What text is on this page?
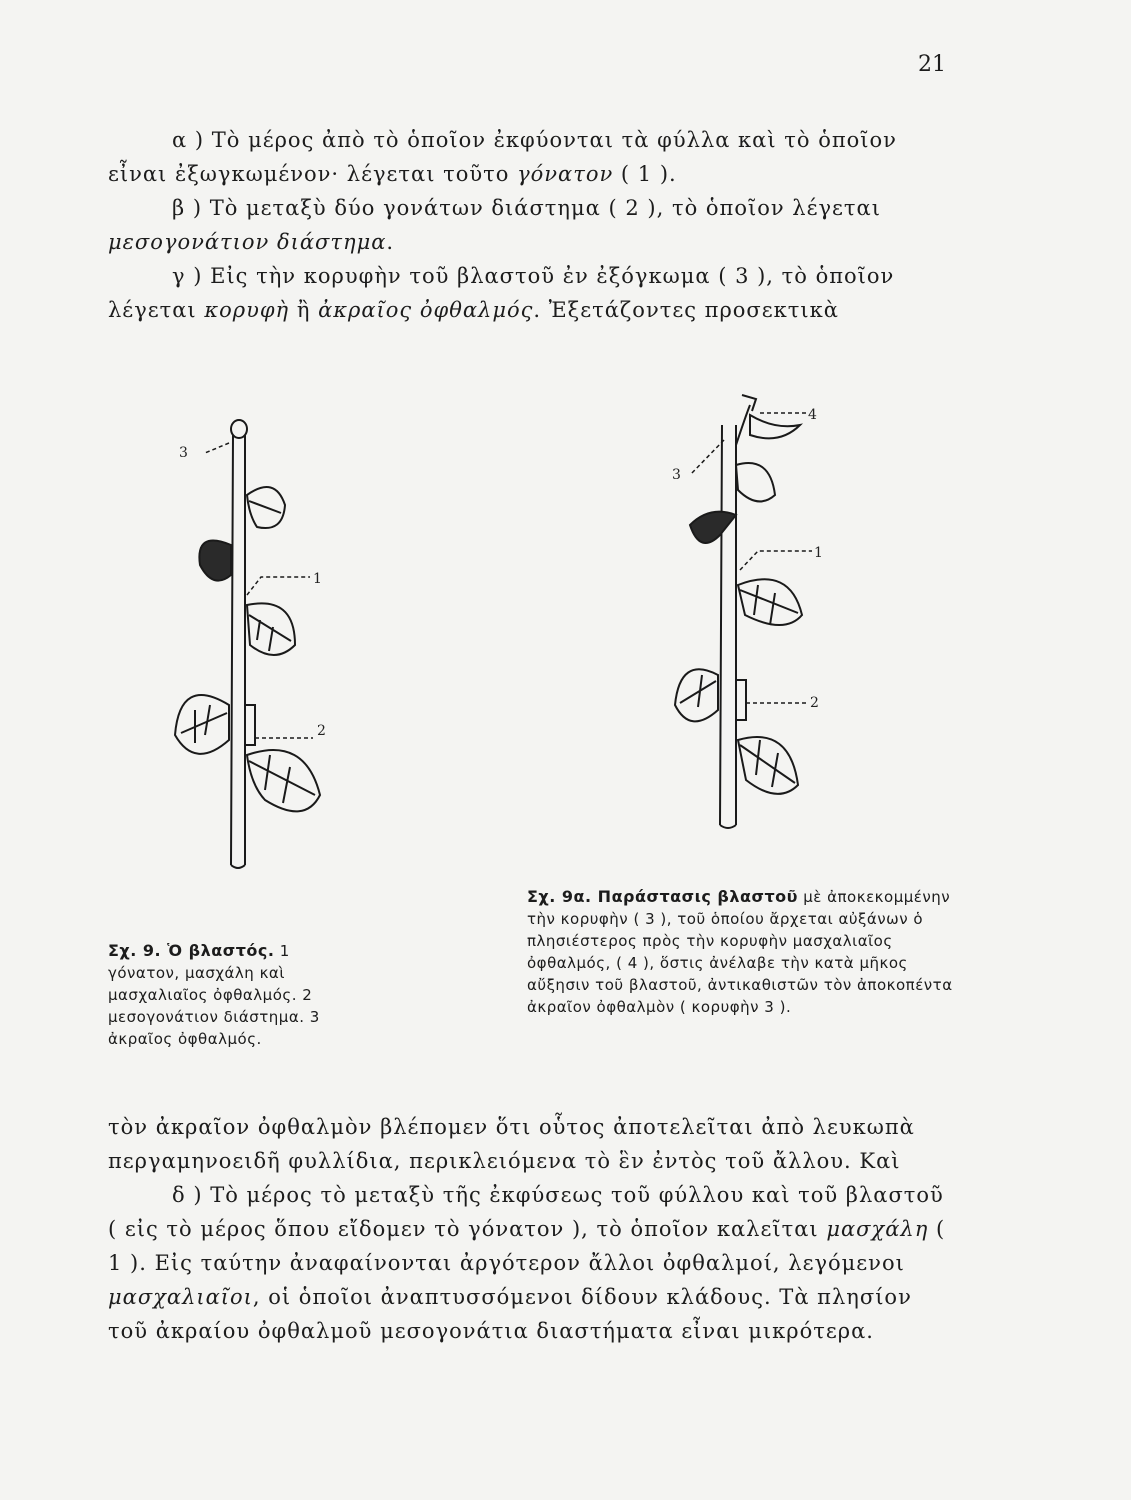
21

α ) Τὸ μέρος ἀπὸ τὸ ὁποῖον ἐκφύονται τὰ φύλλα καὶ τὸ ὁποῖον εἶναι ἐξωγκωμένον· λέγεται τοῦτο γόνατον ( 1 ).

β ) Τὸ μεταξὺ δύο γονάτων διάστημα ( 2 ), τὸ ὁποῖον λέγεται μεσογονάτιον διάστημα.

γ ) Εἰς τὴν κορυφὴν τοῦ βλαστοῦ ἐν ἐξόγκωμα ( 3 ), τὸ ὁποῖον λέγεται κορυφὴ ἢ ἀκραῖος ὀφθαλμός. Ἐξετάζοντες προσεκτικὰ

3
1
2
4
3
1
2

Σχ. 9. Ὁ βλαστός. 1 γόνατον, μασχάλη καὶ μασχαλιαῖος ὀφθαλμός. 2 μεσογονάτιον διάστημα. 3 ἀκραῖος ὀφθαλμός.

Σχ. 9α. Παράστασις βλαστοῦ μὲ ἀποκεκομμένην τὴν κορυφὴν ( 3 ), τοῦ ὁποίου ἄρχεται αὐξάνων ὁ πλησιέστερος πρὸς τὴν κορυφὴν μασχαλιαῖος ὀφθαλμός, ( 4 ), ὅστις ἀνέλαβε τὴν κατὰ μῆκος αὔξησιν τοῦ βλαστοῦ, ἀντικαθιστῶν τὸν ἀποκοπέντα ἀκραῖον ὀφθαλμὸν ( κορυφὴν 3 ).

τὸν ἀκραῖον ὀφθαλμὸν βλέπομεν ὅτι οὗτος ἀποτελεῖται ἀπὸ λευκωπὰ περγαμηνοειδῆ φυλλίδια, περικλειόμενα τὸ ἓν ἐντὸς τοῦ ἄλλου. Καὶ

δ ) Τὸ μέρος τὸ μεταξὺ τῆς ἐκφύσεως τοῦ φύλλου καὶ τοῦ βλαστοῦ ( εἰς τὸ μέρος ὅπου εἴδομεν τὸ γόνατον ), τὸ ὁποῖον καλεῖται μασχάλη ( 1 ). Εἰς ταύτην ἀναφαίνονται ἀργότερον ἄλλοι ὀφθαλμοί, λεγόμενοι μασχαλιαῖοι, οἱ ὁποῖοι ἀναπτυσσόμενοι δίδουν κλάδους. Τὰ πλησίον τοῦ ἀκραίου ὀφθαλμοῦ μεσογονάτια διαστήματα εἶναι μικρότερα.
